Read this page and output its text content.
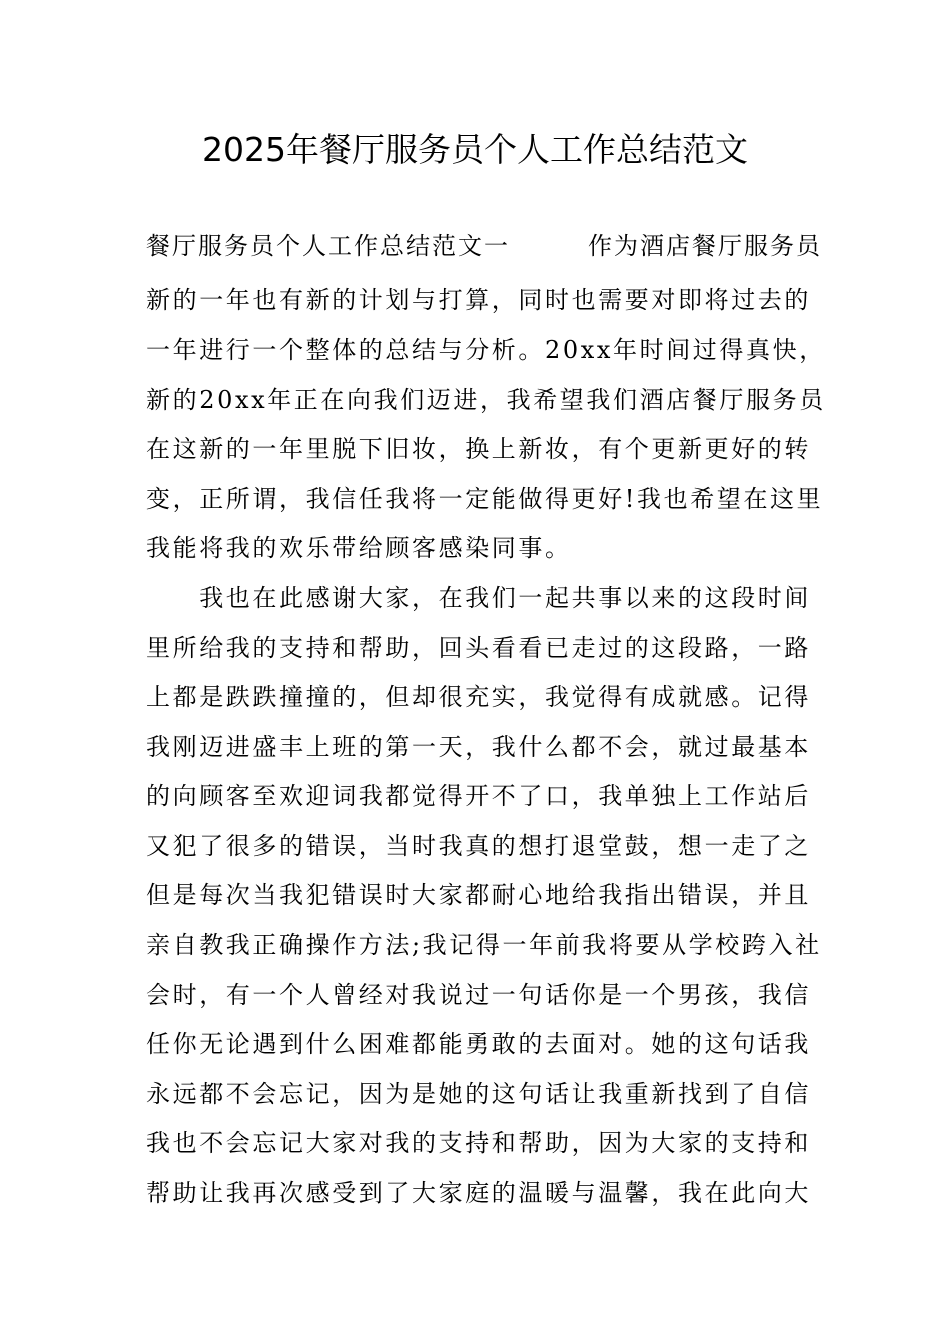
2025年餐厅服务员个人工作总结范文

餐厅服务员个人工作总结范文一　　　作为酒店餐厅服务员

新的一年也有新的计划与打算，同时也需要对即将过去的

一年进行一个整体的总结与分析。20xx年时间过得真快，

新的20xx年正在向我们迈进，我希望我们酒店餐厅服务员

在这新的一年里脱下旧妆，换上新妆，有个更新更好的转

变，正所谓，我信任我将一定能做得更好!我也希望在这里

我能将我的欢乐带给顾客感染同事。

　　我也在此感谢大家，在我们一起共事以来的这段时间

里所给我的支持和帮助，回头看看已走过的这段路，一路

上都是跌跌撞撞的，但却很充实，我觉得有成就感。记得

我刚迈进盛丰上班的第一天，我什么都不会，就过最基本

的向顾客至欢迎词我都觉得开不了口，我单独上工作站后

又犯了很多的错误，当时我真的想打退堂鼓，想一走了之

但是每次当我犯错误时大家都耐心地给我指出错误，并且

亲自教我正确操作方法;我记得一年前我将要从学校跨入社

会时，有一个人曾经对我说过一句话你是一个男孩，我信

任你无论遇到什么困难都能勇敢的去面对。她的这句话我

永远都不会忘记，因为是她的这句话让我重新找到了自信

我也不会忘记大家对我的支持和帮助，因为大家的支持和

帮助让我再次感受到了大家庭的温暖与温馨，我在此向大
